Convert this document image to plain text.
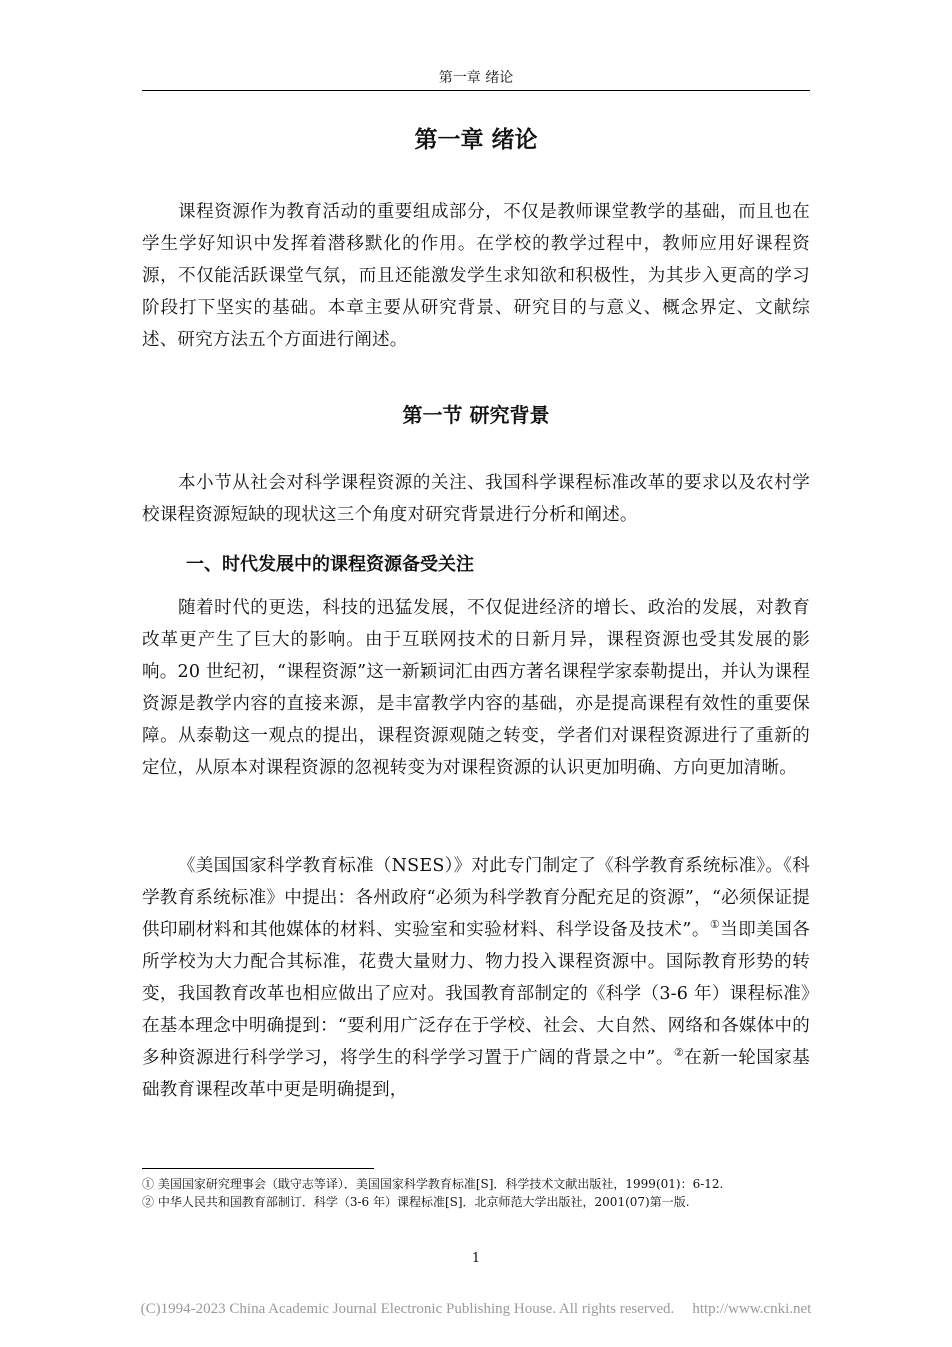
第一章 绪论
第一章 绪论

课程资源作为教育活动的重要组成部分，不仅是教师课堂教学的基础，而且也在学生学好知识中发挥着潜移默化的作用。在学校的教学过程中，教师应用好课程资源，不仅能活跃课堂气氛，而且还能激发学生求知欲和积极性，为其步入更高的学习阶段打下坚实的基础。本章主要从研究背景、研究目的与意义、概念界定、文献综述、研究方法五个方面进行阐述。

第一节 研究背景

本小节从社会对科学课程资源的关注、我国科学课程标准改革的要求以及农村学校课程资源短缺的现状这三个角度对研究背景进行分析和阐述。

一、时代发展中的课程资源备受关注

随着时代的更迭，科技的迅猛发展，不仅促进经济的增长、政治的发展，对教育改革更产生了巨大的影响。由于互联网技术的日新月异，课程资源也受其发展的影响。20 世纪初，“课程资源”这一新颖词汇由西方著名课程学家泰勒提出，并认为课程资源是教学内容的直接来源，是丰富教学内容的基础，亦是提高课程有效性的重要保障。从泰勒这一观点的提出，课程资源观随之转变，学者们对课程资源进行了重新的定位，从原本对课程资源的忽视转变为对课程资源的认识更加明确、方向更加清晰。

《美国国家科学教育标准（NSES）》对此专门制定了《科学教育系统标准》。《科学教育系统标准》中提出：各州政府“必须为科学教育分配充足的资源”，“必须保证提供印刷材料和其他媒体的材料、实验室和实验材料、科学设备及技术”。①当即美国各所学校为大力配合其标准，花费大量财力、物力投入课程资源中。国际教育形势的转变，我国教育改革也相应做出了应对。我国教育部制定的《科学（3-6 年）课程标准》在基本理念中明确提到：“要利用广泛存在于学校、社会、大自然、网络和各媒体中的多种资源进行科学学习，将学生的科学学习置于广阔的背景之中”。②在新一轮国家基础教育课程改革中更是明确提到，

① 美国国家研究理事会（戢守志等译）．美国国家科学教育标准[S]．科学技术文献出版社，1999(01)：6-12.

② 中华人民共和国教育部制订．科学（3-6 年）课程标准[S]．北京师范大学出版社，2001(07)第一版.

1
(C)1994-2023 China Academic Journal Electronic Publishing House. All rights reserved. http://www.cnki.net
